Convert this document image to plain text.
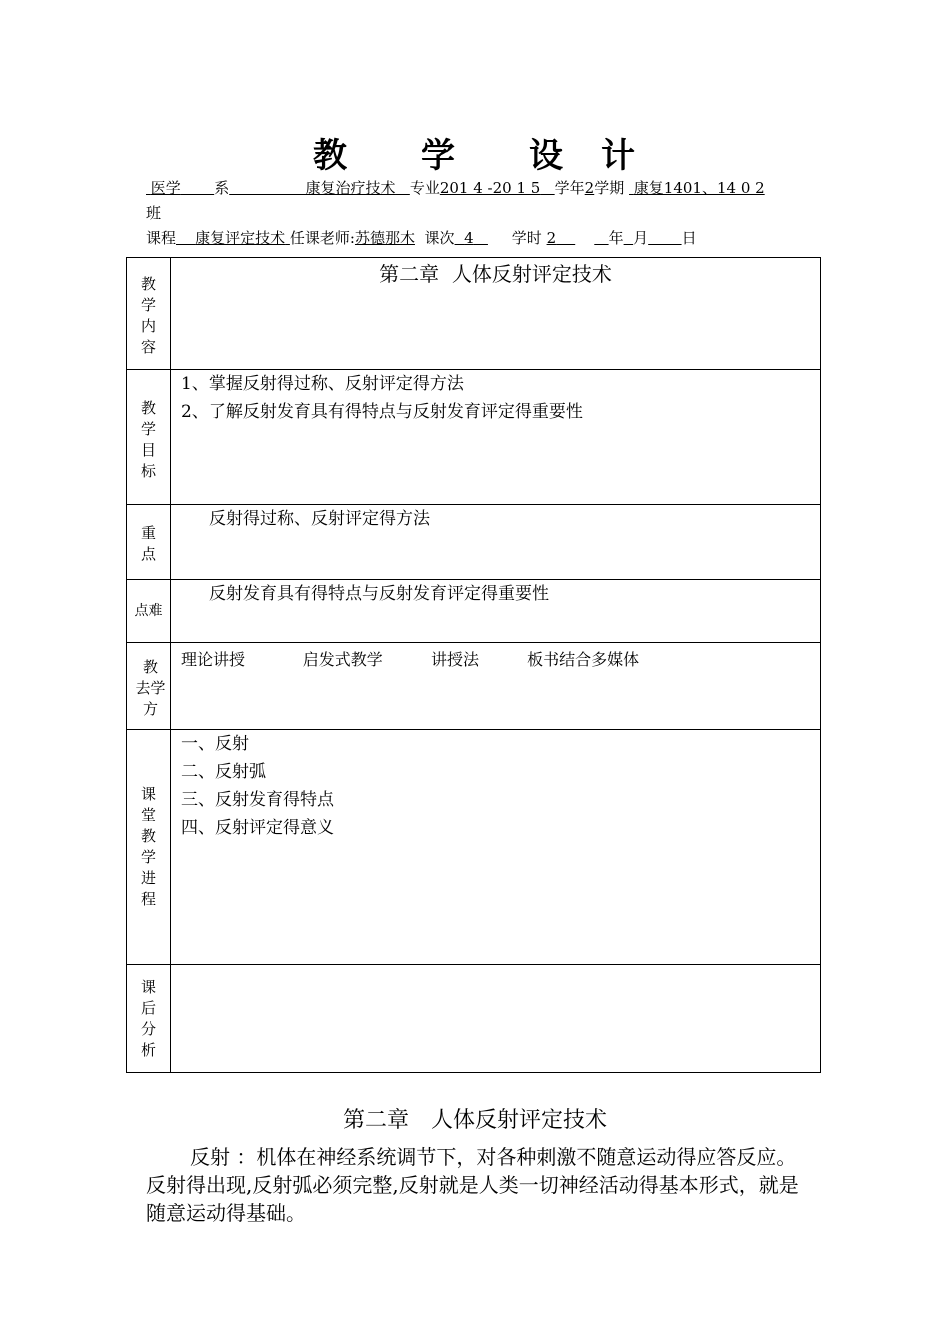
教　　学　　设　计
医学 系	康复治疗技术 专业201 4 -20 1 5 学年2学期 康复1401、14 0 2
班
课程 康复评定技术 任课老师:苏德那木 课次 4	学时 2	年 月 日
教学内容	第二章  人体反射评定技术

教学目标	1、掌握反射得过称、反射评定得方法
2、了解反射发育具有得特点与反射发育评定得重要性

重点	反射得过称、反射评定得方法

点难	反射发育具有得特点与反射发育评定得重要性

教 去学 方	理论讲授      启发式教学     讲授法     板书结合多媒体

课堂教学进程	一、反射
二、反射弧
三、反射发育得特点
四、反射评定得意义

课后分析	
第二章　人体反射评定技术
反射 ：机体在神经系统调节下，对各种刺激不随意运动得应答反应。反射得出现,反射弧必须完整,反射就是人类一切神经活动得基本形式，就是随意运动得基础。
